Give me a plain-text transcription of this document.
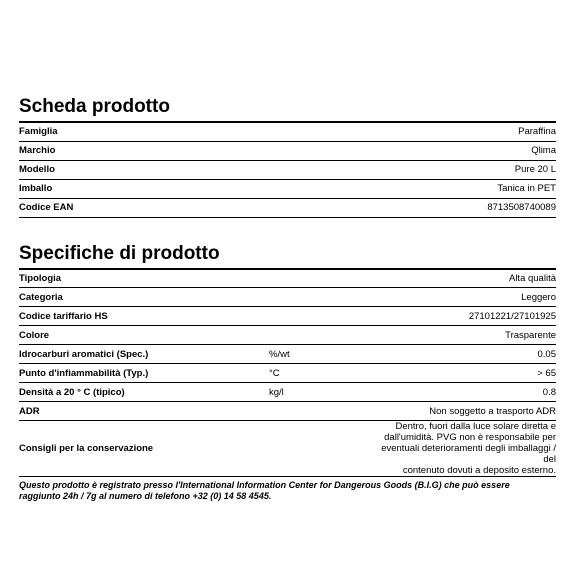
Scheda prodotto
Famiglia	Paraffina
Marchio	Qlima
Modello	Pure 20 L
Imballo	Tanica in PET
Codice EAN	8713508740089
Specifiche di prodotto
Tipologia		Alta qualità
Categoria		Leggero
Codice tariffario HS		27101221/27101925
Colore		Trasparente
Idrocarburi aromatici (Spec.)	%/wt	0.05
Punto d'infiammabilità (Typ.)	°C	> 65
Densità a 20 ° C (tipico)	kg/l	0.8
ADR		Non soggetto a trasporto ADR
Consigli per la conservazione		Dentro, fuori dalla luce solare diretta e
dall'umidità. PVG non è responsabile per
eventuali deterioramenti degli imballaggi / del
contenuto dovuti a deposito esterno.
Questo prodotto è registrato presso l'International Information Center for Dangerous Goods (B.I.G) che può essere raggiunto 24h / 7g al numero di telefono +32 (0) 14 58 4545.
